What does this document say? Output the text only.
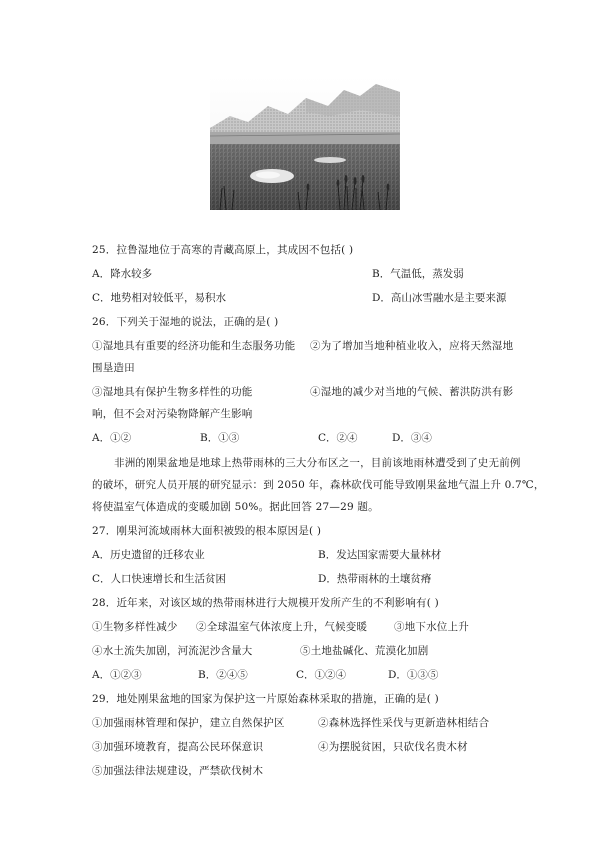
25．拉鲁湿地位于高寒的青藏高原上，其成因不包括( )
A．降水较多	B．气温低，蒸发弱
C．地势相对较低平，易积水	D．高山冰雪融水是主要来源
26．下列关于湿地的说法，正确的是( )
①湿地具有重要的经济功能和生态服务功能 ②为了增加当地种植业收入，应将天然湿地
围垦造田
③湿地具有保护生物多样性的功能	④湿地的减少对当地的气候、蓄洪防洪有影
响，但不会对污染物降解产生影响
A．①②	B．①③	C．②④	D．③④
非洲的刚果盆地是地球上热带雨林的三大分布区之一，目前该地雨林遭受到了史无前例
的破坏，研究人员开展的研究显示：到 2050 年，森林砍伐可能导致刚果盆地气温上升 0.7℃，
将使温室气体造成的变暖加剧 50%。据此回答 27—29 题。
27．刚果河流域雨林大面积被毁的根本原因是( )
A．历史遗留的迁移农业	B．发达国家需要大量林材
C．人口快速增长和生活贫困	D．热带雨林的土壤贫瘠
28．近年来，对该区域的热带雨林进行大规模开发所产生的不利影响有( )
①生物多样性减少 ②全球温室气体浓度上升，气候变暖	③地下水位上升
④水土流失加剧，河流泥沙含量大	⑤土地盐碱化、荒漠化加剧
A．①②③	B．②④⑤	C．①②④	D．①③⑤
29．地处刚果盆地的国家为保护这一片原始森林采取的措施，正确的是( )
①加强雨林管理和保护，建立自然保护区	②森林选择性采伐与更新造林相结合
③加强环境教育，提高公民环保意识	④为摆脱贫困，只砍伐名贵木材
⑤加强法律法规建设，严禁砍伐树木
